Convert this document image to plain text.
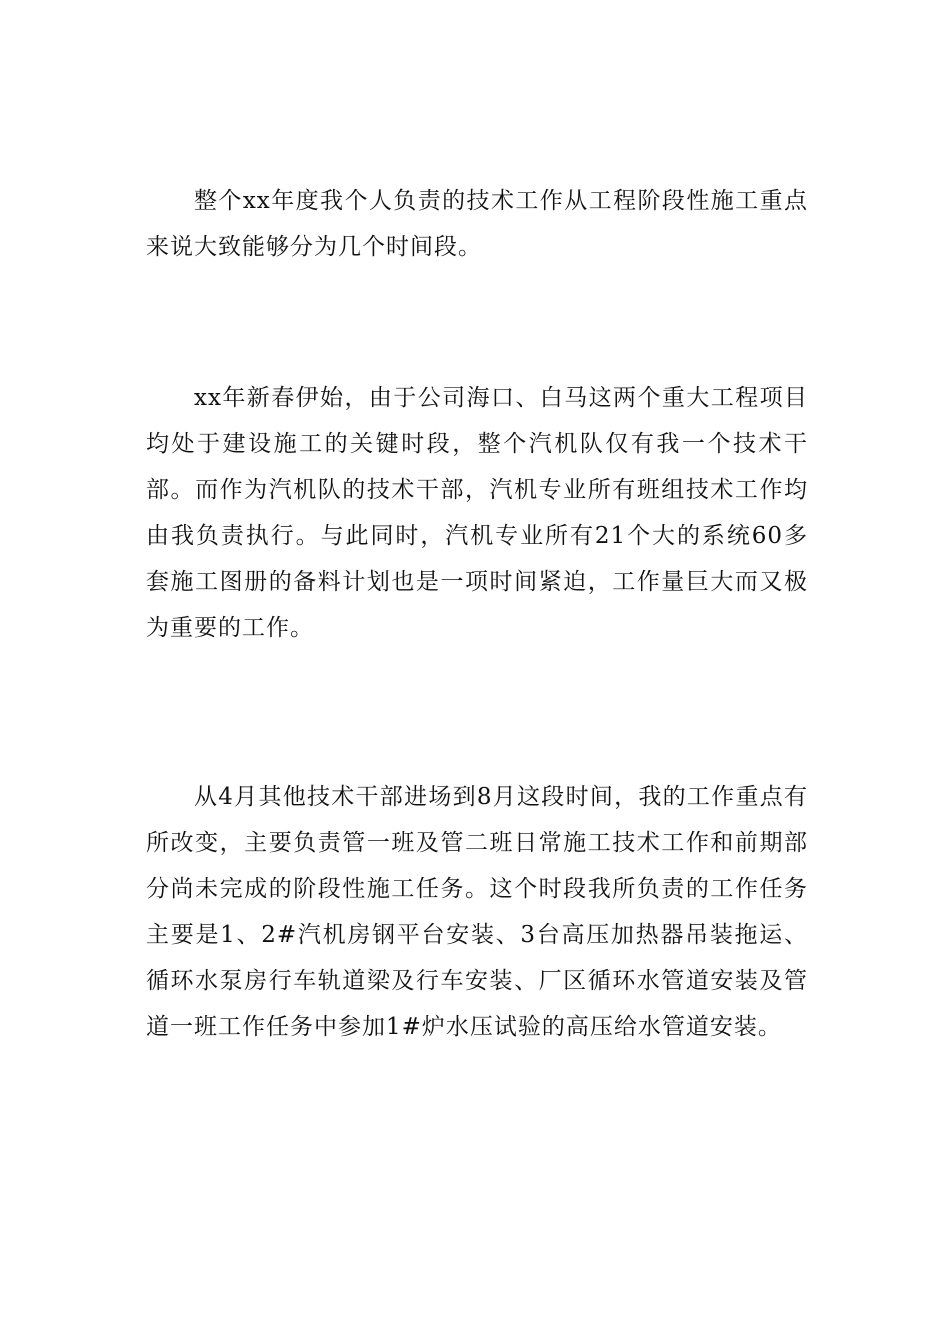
整个xx年度我个人负责的技术工作从工程阶段性施工重点来说大致能够分为几个时间段。

xx年新春伊始，由于公司海口、白马这两个重大工程项目均处于建设施工的关键时段，整个汽机队仅有我一个技术干部。而作为汽机队的技术干部，汽机专业所有班组技术工作均由我负责执行。与此同时，汽机专业所有21个大的系统60多套施工图册的备料计划也是一项时间紧迫，工作量巨大而又极为重要的工作。

从4月其他技术干部进场到8月这段时间，我的工作重点有所改变，主要负责管一班及管二班日常施工技术工作和前期部分尚未完成的阶段性施工任务。这个时段我所负责的工作任务主要是1、2#汽机房钢平台安装、3台高压加热器吊装拖运、循环水泵房行车轨道梁及行车安装、厂区循环水管道安装及管道一班工作任务中参加1#炉水压试验的高压给水管道安装。
